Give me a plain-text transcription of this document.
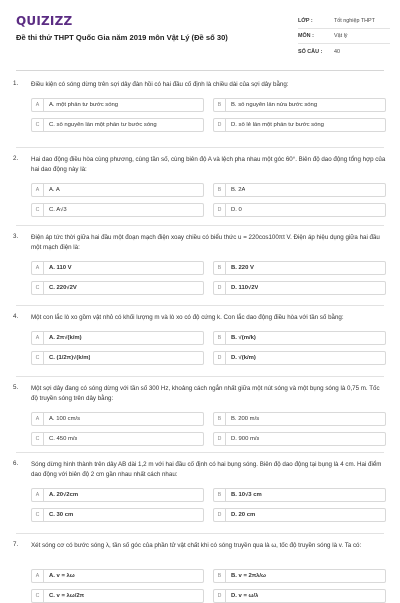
QUIZIZZ
Đề thi thử THPT Quốc Gia năm 2019 môn Vật Lý (Đề số 30)
LỚP :	Tốt nghiệp THPT
MÔN :	Vật lý
SỐ CÂU :	40
1. Điều kiện có sóng dừng trên sợi dây đàn hồi có hai đầu cố định là chiều dài của sợi dây bằng:
A	A. một phần tư bước sóng	B	B. số nguyên lần nửa bước sóng
C	C. số nguyên lần một phần tư bước sóng	D	D. số lẻ lần một phần tư bước sóng
2. Hai dao động điều hòa cùng phương, cùng tần số, cùng biên độ A và lệch pha nhau một góc 60°. Biên độ dao động tổng hợp của hai dao động này là:
A	A. A	B	B. 2A
C	C. A√3	D	D. 0
3. Điện áp tức thời giữa hai đầu một đoạn mạch điện xoay chiều có biểu thức u = 220cos100πt V. Điện áp hiệu dụng giữa hai đầu một mạch điện là:
A	A. 110 V	B	B. 220 V
C	C. 220√2V	D	D. 110√2V
4. Một con lắc lò xo gồm vật nhỏ có khối lượng m và lò xo có độ cứng k. Con lắc dao động điều hòa với tần số bằng:
A	A. 2π√(k/m)	B	B. √(m/k)
C	C. (1/2π)√(k/m)	D	D. √(k/m)
5. Một sợi dây đang có sóng dừng với tần số 300 Hz, khoảng cách ngắn nhất giữa một nút sóng và một bụng sóng là 0,75 m. Tốc độ truyền sóng trên dây bằng:
A	A. 100 cm/s	B	B. 200 m/s
C	C. 450 m/s	D	D. 900 m/s
6. Sóng dừng hình thành trên dây AB dài 1,2 m với hai đầu cố định có hai bụng sóng. Biên độ dao động tại bụng là 4 cm. Hai điểm dao động với biên độ 2 cm gần nhau nhất cách nhau:
A	A. 20√2cm	B	B. 10√3 cm
C	C. 30 cm	D	D. 20 cm
7. Xét sóng cơ có bước sóng λ, tần số góc của phần tử vật chất khi có sóng truyền qua là ω, tốc độ truyền sóng là v. Ta có:
A	A. v = λω	B	B. v = 2πλ/ω
C	C. v = λω/2π	D	D. v = ω/λ
